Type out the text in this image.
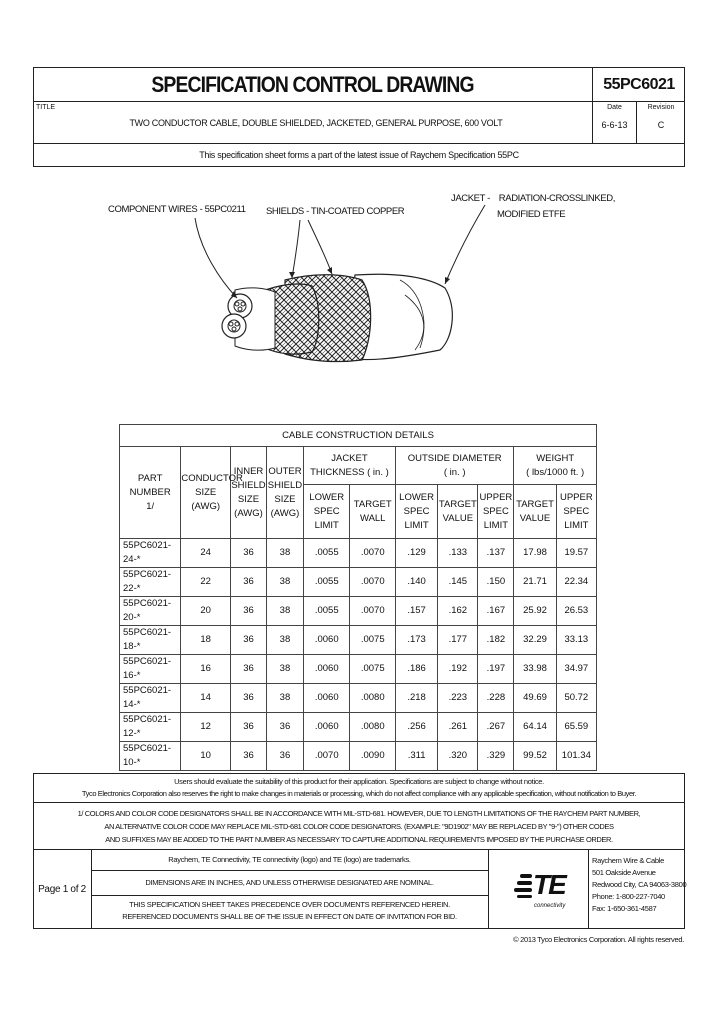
SPECIFICATION CONTROL DRAWING	55PC6021
TITLE
TWO CONDUCTOR CABLE, DOUBLE SHIELDED, JACKETED, GENERAL PURPOSE, 600 VOLT
Date
6-6-13
Revision
C
This specification sheet forms a part of the latest issue of Raychem Specification 55PC
COMPONENT WIRES - 55PC0211 SHIELDS - TIN-COATED COPPER
JACKET -    RADIATION-CROSSLINKED,
MODIFIED ETFE
CABLE CONSTRUCTION DETAILS										
PART NUMBER
1/	CONDUCTOR
SIZE
(AWG)	INNER
SHIELD
SIZE
(AWG)	OUTER
SHIELD
SIZE
(AWG)	JACKET
THICKNESS ( in. )		OUTSIDE DIAMETER
( in. )			WEIGHT
( lbs/1000 ft. )	
				LOWER
SPEC
LIMIT	TARGET
WALL	LOWER
SPEC
LIMIT	TARGET
VALUE	UPPER
SPEC
LIMIT	TARGET
VALUE	UPPER
SPEC
LIMIT
55PC6021-24-*	24	36	38	.0055	.0070	.129	.133	.137	17.98	19.57
55PC6021-22-*	22	36	38	.0055	.0070	.140	.145	.150	21.71	22.34
55PC6021-20-*	20	36	38	.0055	.0070	.157	.162	.167	25.92	26.53
55PC6021-18-*	18	36	38	.0060	.0075	.173	.177	.182	32.29	33.13
55PC6021-16-*	16	36	38	.0060	.0075	.186	.192	.197	33.98	34.97
55PC6021-14-*	14	36	38	.0060	.0080	.218	.223	.228	49.69	50.72
55PC6021-12-*	12	36	36	.0060	.0080	.256	.261	.267	64.14	65.59
55PC6021-10-*	10	36	36	.0070	.0090	.311	.320	.329	99.52	101.34
Users should evaluate the suitability of this product for their application. Specifications are subject to change without notice.
Tyco Electronics Corporation also reserves the right to make changes in materials or processing, which do not affect compliance with any applicable specification, without notification to Buyer.
1/ COLORS AND COLOR CODE DESIGNATORS SHALL BE IN ACCORDANCE WITH MIL-STD-681. HOWEVER, DUE TO LENGTH LIMITATIONS OF THE RAYCHEM PART NUMBER,
AN ALTERNATIVE COLOR CODE MAY REPLACE MIL-STD-681 COLOR CODE DESIGNATORS. (EXAMPLE: "9D1902" MAY BE REPLACED BY "9-") OTHER CODES
AND SUFFIXES MAY BE ADDED TO THE PART NUMBER AS NECESSARY TO CAPTURE ADDITIONAL REQUIREMENTS IMPOSED BY THE PURCHASE ORDER.
Page 1 of 2
Raychem, TE Connectivity, TE connectivity (logo) and TE (logo) are trademarks.
DIMENSIONS ARE IN INCHES, AND UNLESS OTHERWISE DESIGNATED ARE NOMINAL.
THIS SPECIFICATION SHEET TAKES PRECEDENCE OVER DOCUMENTS REFERENCED HEREIN.
REFERENCED DOCUMENTS SHALL BE OF THE ISSUE IN EFFECT ON DATE OF INVITATION FOR BID.
TE
connectivity
Raychem Wire & Cable
501 Oakside Avenue
Redwood City, CA 94063-3800
Phone: 1-800-227-7040
Fax: 1-650-361-4587
© 2013 Tyco Electronics Corporation. All rights reserved.
